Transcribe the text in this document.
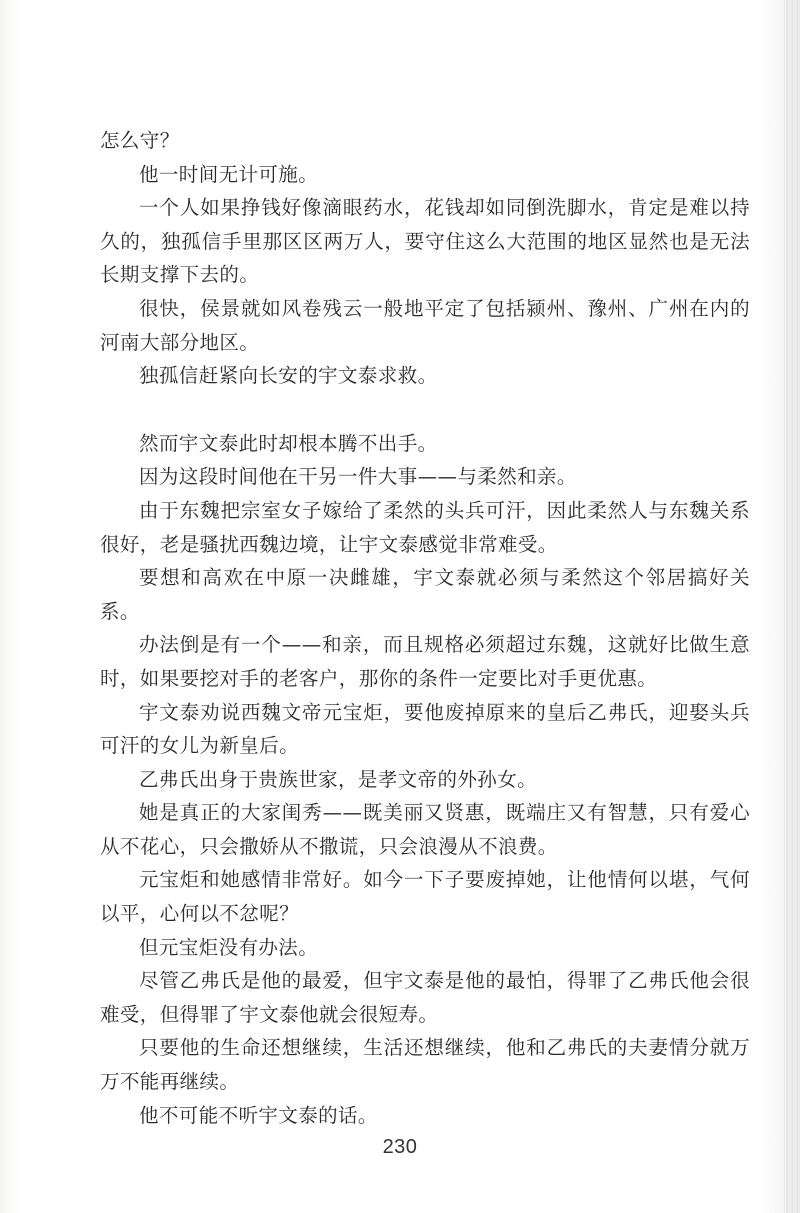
怎么守？

他一时间无计可施。

一个人如果挣钱好像滴眼药水，花钱却如同倒洗脚水，肯定是难以持久的，独孤信手里那区区两万人，要守住这么大范围的地区显然也是无法长期支撑下去的。

很快，侯景就如风卷残云一般地平定了包括颍州、豫州、广州在内的河南大部分地区。

独孤信赶紧向长安的宇文泰求救。

然而宇文泰此时却根本腾不出手。

因为这段时间他在干另一件大事——与柔然和亲。

由于东魏把宗室女子嫁给了柔然的头兵可汗，因此柔然人与东魏关系很好，老是骚扰西魏边境，让宇文泰感觉非常难受。

要想和高欢在中原一决雌雄，宇文泰就必须与柔然这个邻居搞好关系。

办法倒是有一个——和亲，而且规格必须超过东魏，这就好比做生意时，如果要挖对手的老客户，那你的条件一定要比对手更优惠。

宇文泰劝说西魏文帝元宝炬，要他废掉原来的皇后乙弗氏，迎娶头兵可汗的女儿为新皇后。

乙弗氏出身于贵族世家，是孝文帝的外孙女。

她是真正的大家闺秀——既美丽又贤惠，既端庄又有智慧，只有爱心从不花心，只会撒娇从不撒谎，只会浪漫从不浪费。

元宝炬和她感情非常好。如今一下子要废掉她，让他情何以堪，气何以平，心何以不忿呢？

但元宝炬没有办法。

尽管乙弗氏是他的最爱，但宇文泰是他的最怕，得罪了乙弗氏他会很难受，但得罪了宇文泰他就会很短寿。

只要他的生命还想继续，生活还想继续，他和乙弗氏的夫妻情分就万万不能再继续。

他不可能不听宇文泰的话。

230
